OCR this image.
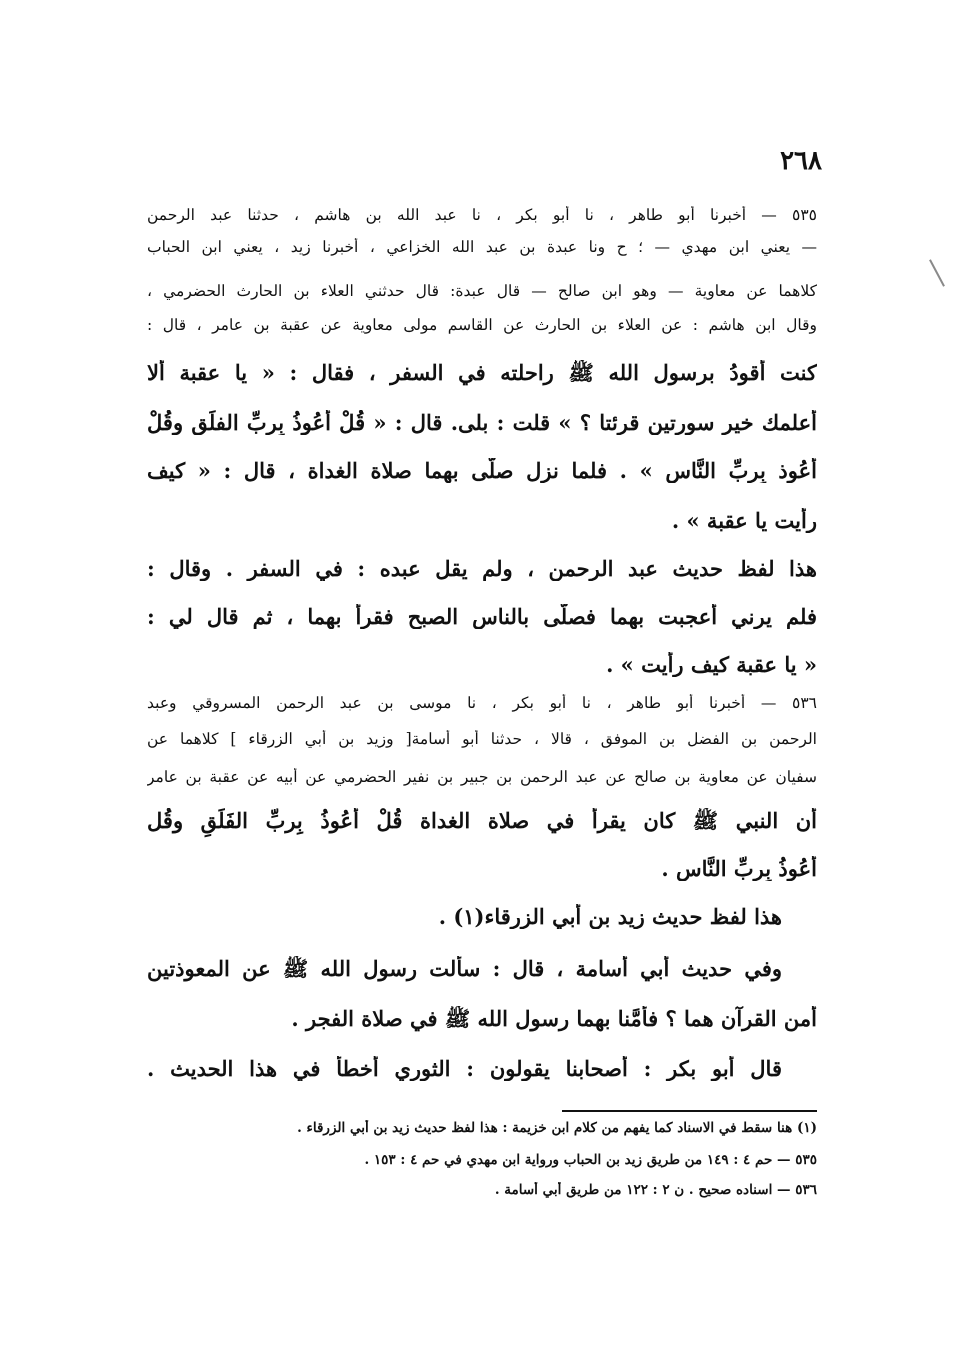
٢٦٨
٥٣٥ — أخبرنا أبو طاهر ، نا أبو بكر ، نا عبد الله بن هاشم ، حدثنا عبد الرحمن
— يعني ابن مهدي — ؛ ح ونا عبدة بن عبد الله الخزاعي ، أخبرنا زيد ، يعني ابن الحباب
كلاهما عن معاوية — وهو ابن صالح — قال عبدة: قال حدثني العلاء بن الحارث الحضرمي ،
وقال ابن هاشم : عن العلاء بن الحارث عن القاسم مولى معاوية عن عقبة بن عامر ، قال :
كنت أقودُ برسول الله ﷺ راحلته في السفر ، فقال : « يا عقبة ألا
أُعلمك خير سورتين قرئتا ؟ » قلت : بلى. قال : « قُلْ أَعُوذُ بِربِّ الفلَقِ وقُلْ
أَعُوذ بِربِّ النَّاسِ » . فلما نزل صلَّى بهما صلاة الغداة ، قال : « كيف
رأَيت يا عقبة » .
هذا لفظ حديث عبد الرحمن ، ولم يقل عبده : في السفر . وقال :
فلم يرني أُعجبت بهما فصلَّى بالناس الصبح فقرأ بهما ، ثم قال لي :
« يا عقبة كيف رأيت » .
٥٣٦ — أخبرنا أبو طاهر ، نا أبو بكر ، نا موسى بن عبد الرحمن المسروقي وعبد
الرحمن بن الفضل بن الموفق ، قالا ، حدثنا أبو أسامة[ وزيد بن أبي الزرقاء ] كلاهما عن
سفيان عن معاوية بن صالح عن عبد الرحمن بن جبير بن نفير الحضرمي عن أبيه عن عقبة بن عامر
أن النبي ﷺ كان يقرأ في صلاة الغداة قُلْ أَعُوذُ بِربِّ الفَلَقِ وقُل
أَعُوذُ بِربِّ النَّاسِ .
هذا لفظ حديث زيد بن أبي الزرقاء(١) .
وفي حديث أبي أسامة ، قال : سأَلت رسول الله ﷺ عن المعوذتين
أمن القرآن هما ؟ فأَمَّنا بهما رسول الله ﷺ في صلاة الفجر .
قال أبو بكر : أصحابنا يقولون : الثوري أخطأَ في هذا الحديث .
(١) هنا سقط في الاسناد كما يفهم من كلام ابن خزيمة : هذا لفظ حديث زيد بن أبي الزرقاء .
٥٣٥ — حم ٤ : ١٤٩ من طريق زيد بن الحباب ورواية ابن مهدي في حم ٤ : ١٥٣ .
٥٣٦ — اسناده صحيح . ن ٢ : ١٢٢ من طريق أبي أسامة .
